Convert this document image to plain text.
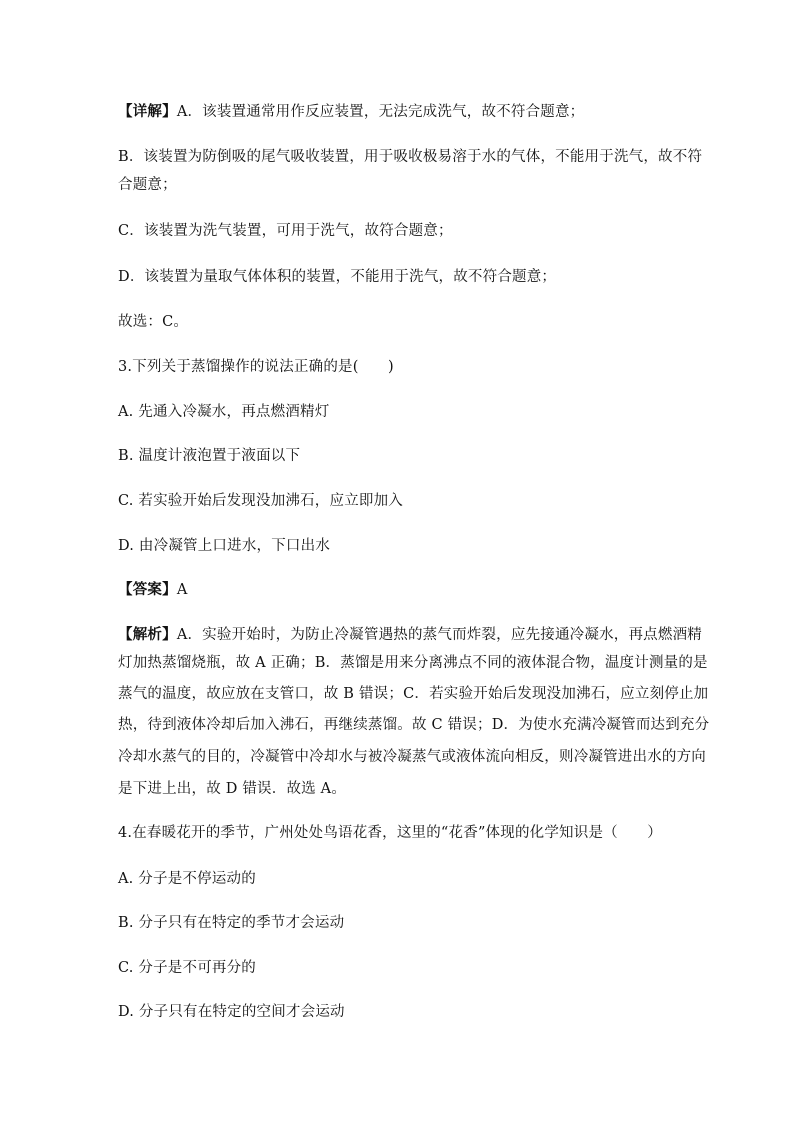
【详解】A．该装置通常用作反应装置，无法完成洗气，故不符合题意；
B．该装置为防倒吸的尾气吸收装置，用于吸收极易溶于水的气体，不能用于洗气，故不符
合题意；
C．该装置为洗气装置，可用于洗气，故符合题意；
D．该装置为量取气体体积的装置，不能用于洗气，故不符合题意；
故选：C。
3.下列关于蒸馏操作的说法正确的是(　　)
A. 先通入冷凝水，再点燃酒精灯
B. 温度计液泡置于液面以下
C. 若实验开始后发现没加沸石，应立即加入
D. 由冷凝管上口进水，下口出水
【答案】A
【解析】A．实验开始时，为防止冷凝管遇热的蒸气而炸裂，应先接通冷凝水，再点燃酒精
灯加热蒸馏烧瓶，故 A 正确；B．蒸馏是用来分离沸点不同的液体混合物，温度计测量的是
蒸气的温度，故应放在支管口，故 B 错误；C．若实验开始后发现没加沸石，应立刻停止加
热，待到液体冷却后加入沸石，再继续蒸馏。故 C 错误；D．为使水充满冷凝管而达到充分
冷却水蒸气的目的，冷凝管中冷却水与被冷凝蒸气或液体流向相反，则冷凝管进出水的方向
是下进上出，故 D 错误．故选 A。
4.在春暖花开的季节，广州处处鸟语花香，这里的“花香”体现的化学知识是（　　）
A. 分子是不停运动的
B. 分子只有在特定的季节才会运动
C. 分子是不可再分的
D. 分子只有在特定的空间才会运动
